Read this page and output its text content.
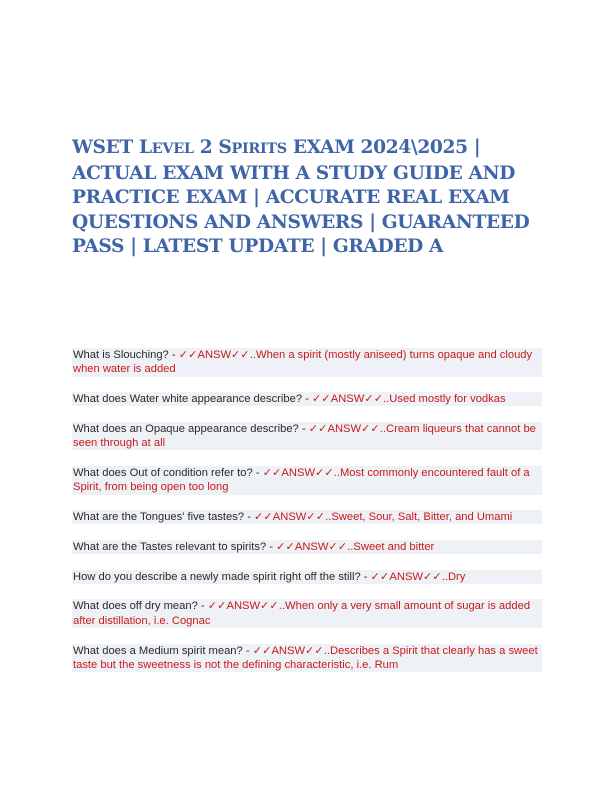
WSET LEVEL 2 SPIRITS EXAM 2024\2025 | ACTUAL EXAM WITH A STUDY GUIDE AND PRACTICE EXAM | ACCURATE REAL EXAM QUESTIONS AND ANSWERS | GUARANTEED PASS | LATEST UPDATE | GRADED A

What is Slouching? - ✓✓ANSW✓✓..When a spirit (mostly aniseed) turns opaque and cloudy when water is added

What does Water white appearance describe? - ✓✓ANSW✓✓..Used mostly for vodkas

What does an Opaque appearance describe? - ✓✓ANSW✓✓..Cream liqueurs that cannot be seen through at all

What does Out of condition refer to? - ✓✓ANSW✓✓..Most commonly encountered fault of a Spirit, from being open too long

What are the Tongues' five tastes? - ✓✓ANSW✓✓..Sweet, Sour, Salt, Bitter, and Umami

What are the Tastes relevant to spirits? - ✓✓ANSW✓✓..Sweet and bitter

How do you describe a newly made spirit right off the still? - ✓✓ANSW✓✓..Dry

What does off dry mean? - ✓✓ANSW✓✓..When only a very small amount of sugar is added after distillation, i.e. Cognac

What does a Medium spirit mean? - ✓✓ANSW✓✓..Describes a Spirit that clearly has a sweet taste but the sweetness is not the defining characteristic, i.e. Rum
